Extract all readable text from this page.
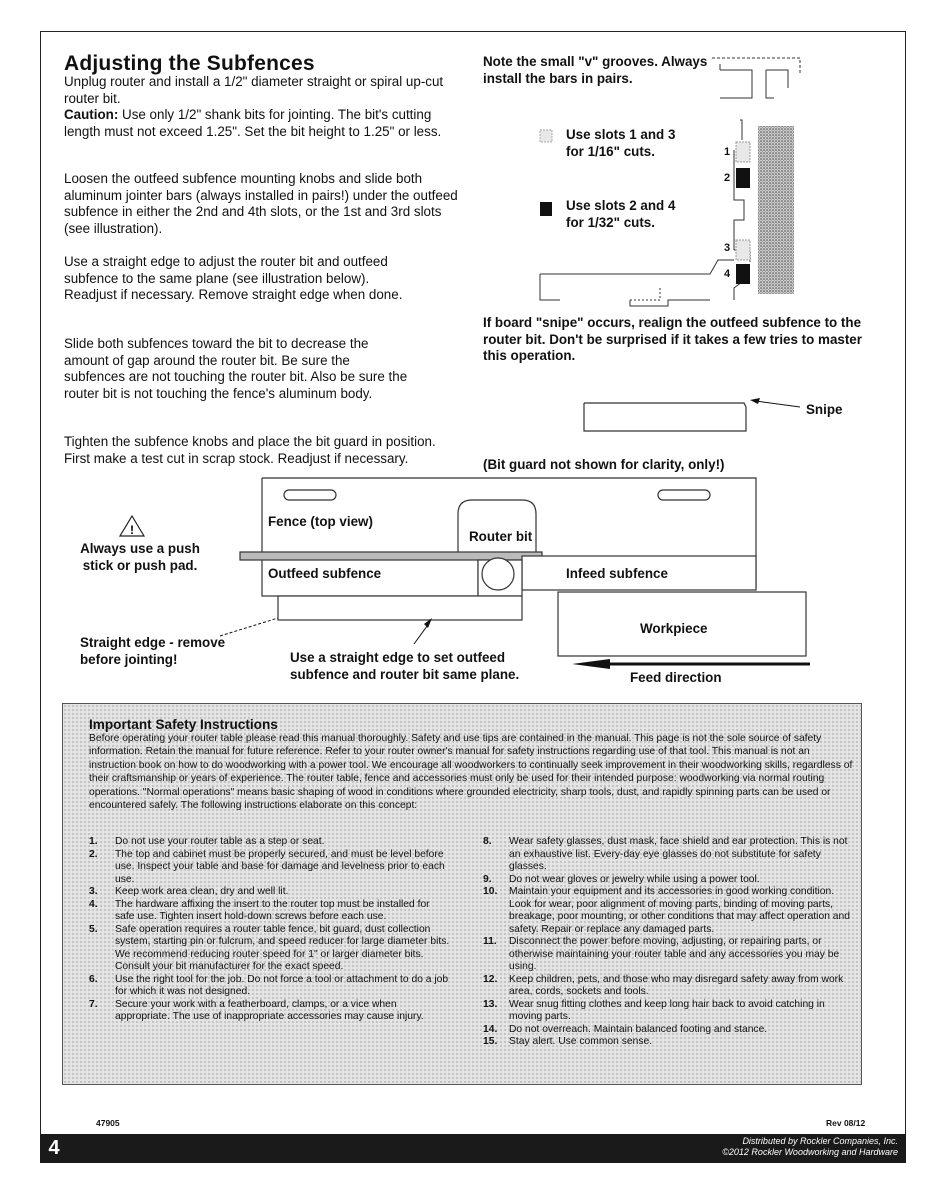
Adjusting the Subfences
Unplug router and install a 1/2" diameter straight or spiral up-cut router bit.
Caution: Use only 1/2" shank bits for jointing. The bit's cutting length must not exceed 1.25". Set the bit height to 1.25" or less.
Loosen the outfeed subfence mounting knobs and slide both aluminum jointer bars (always installed in pairs!) under the outfeed subfence in either the 2nd and 4th slots, or the 1st and 3rd slots (see illustration).
Use a straight edge to adjust the router bit and outfeed subfence to the same plane (see illustration below). Readjust if necessary. Remove straight edge when done.
Slide both subfences toward the bit to decrease the amount of gap around the router bit. Be sure the subfences are not touching the router bit. Also be sure the router bit is not touching the fence's aluminum body.
Tighten the subfence knobs and place the bit guard in position. First make a test cut in scrap stock. Readjust if necessary.
Note the small "v" grooves. Always install the bars in pairs.
1
2
3
4
Use slots 1 and 3 for 1/16" cuts.
Use slots 2 and 4 for 1/32" cuts.
If board "snipe" occurs, realign the outfeed subfence to the router bit. Don't be surprised if it takes a few tries to master this operation.
Snipe
(Bit guard not shown for clarity, only!)
!
Fence (top view)
Router bit
Outfeed subfence	Infeed subfence
Workpiece
Feed direction
Always use a push stick or push pad.
Straight edge - remove before jointing!	Use a straight edge to set outfeed subfence and router bit same plane.
Important Safety Instructions
Before operating your router table please read this manual thoroughly. Safety and use tips are contained in the manual. This page is not the sole source of safety information. Retain the manual for future reference. Refer to your router owner's manual for safety instructions regarding use of that tool. This manual is not an instruction book on how to do woodworking with a power tool. We encourage all woodworkers to continually seek improvement in their woodworking skills, regardless of their craftsmanship or years of experience. The router table, fence and accessories must only be used for their intended purpose: woodworking via normal routing operations. "Normal operations" means basic shaping of wood in conditions where grounded electricity, sharp tools, dust, and rapidly spinning parts can be used or encountered safely. The following instructions elaborate on this concept:
1.	Do not use your router table as a step or seat.
2.	The top and cabinet must be properly secured, and must be level before use. Inspect your table and base for damage and levelness prior to each use.
3.	Keep work area clean, dry and well lit.
4.	The hardware affixing the insert to the router top must be installed for safe use. Tighten insert hold-down screws before each use.
5.	Safe operation requires a router table fence, bit guard, dust collection system, starting pin or fulcrum, and speed reducer for large diameter bits. We recommend reducing router speed for 1" or larger diameter bits. Consult your bit manufacturer for the exact speed.
6.	Use the right tool for the job. Do not force a tool or attachment to do a job for which it was not designed.
7.	Secure your work with a featherboard, clamps, or a vice when appropriate. The use of inappropriate accessories may cause injury.
8.	Wear safety glasses, dust mask, face shield and ear protection. This is not an exhaustive list. Every-day eye glasses do not substitute for safety glasses.
9.	Do not wear gloves or jewelry while using a power tool.
10.	Maintain your equipment and its accessories in good working condition. Look for wear, poor alignment of moving parts, binding of moving parts, breakage, poor mounting, or other conditions that may affect operation and safety. Repair or replace any damaged parts.
11.	Disconnect the power before moving, adjusting, or repairing parts, or otherwise maintaining your router table and any accessories you may be using.
12.	Keep children, pets, and those who may disregard safety away from work area, cords, sockets and tools.
13.	Wear snug fitting clothes and keep long hair back to avoid catching in moving parts.
14.	Do not overreach. Maintain balanced footing and stance.
15.	Stay alert. Use common sense.
47905	Rev 08/12
4	Distributed by Rockler Companies, Inc.
©2012 Rockler Woodworking and Hardware
